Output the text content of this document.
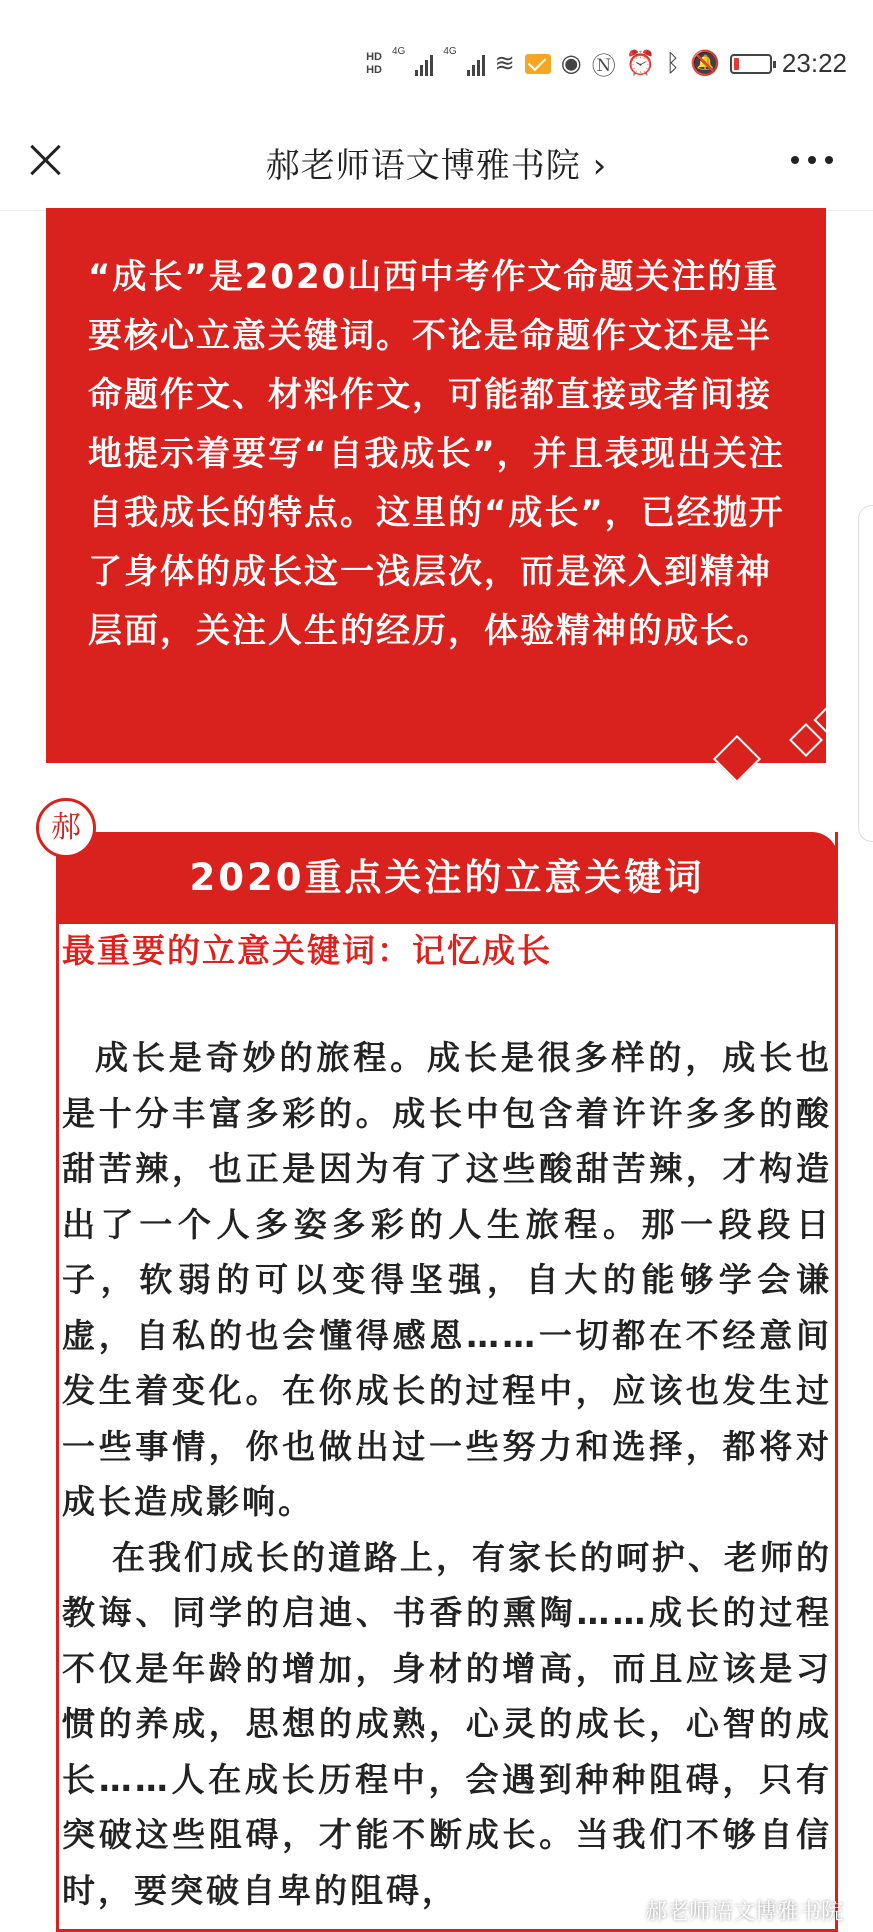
HD
HD
4G	4G ≋ ◉ Ⓝ ⏰ ᛒ 🔕 23:22
郝老师语文博雅书院 ›

“成长”是2020山西中考作文命题关注的重要核心立意关键词。不论是命题作文还是半命题作文、材料作文，可能都直接或者间接地提示着要写“自我成长”，并且表现出关注自我成长的特点。这里的“成长”，已经抛开了身体的成长这一浅层次，而是深入到精神层面，关注人生的经历，体验精神的成长。

郝
2020重点关注的立意关键词
最重要的立意关键词：记忆成长

成长是奇妙的旅程。成长是很多样的，成长也是十分丰富多彩的。成长中包含着许许多多的酸甜苦辣，也正是因为有了这些酸甜苦辣，才构造出了一个人多姿多彩的人生旅程。那一段段日子，软弱的可以变得坚强，自大的能够学会谦虚，自私的也会懂得感恩……一切都在不经意间发生着变化。在你成长的过程中，应该也发生过一些事情，你也做出过一些努力和选择，都将对成长造成影响。

在我们成长的道路上，有家长的呵护、老师的教诲、同学的启迪、书香的熏陶……成长的过程不仅是年龄的增加，身材的增高，而且应该是习惯的养成，思想的成熟，心灵的成长，心智的成长……人在成长历程中，会遇到种种阻碍，只有突破这些阻碍，才能不断成长。当我们不够自信时，要突破自卑的阻碍，

郝老师语文博雅书院
